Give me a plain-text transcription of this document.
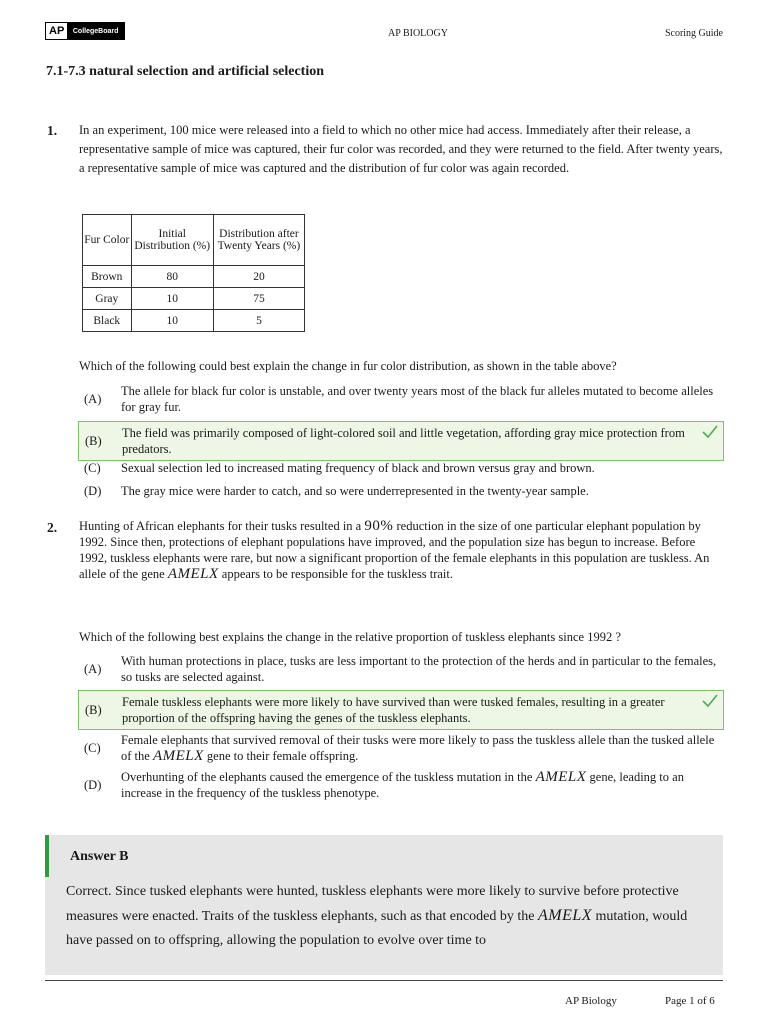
AP	CollegeBoard	AP BIOLOGY	Scoring Guide
7.1-7.3 natural selection and artificial selection
1. In an experiment, 100 mice were released into a field to which no other mice had access. Immediately after their release, a representative sample of mice was captured, their fur color was recorded, and they were returned to the field. After twenty years, a representative sample of mice was captured and the distribution of fur color was again recorded.
Fur Color	Initial Distribution (%)	Distribution after Twenty Years (%)
Brown	80	20
Gray	10	75
Black	10	5
Which of the following could best explain the change in fur color distribution, as shown in the table above?
(A)
The allele for black fur color is unstable, and over twenty years most of the black fur alleles mutated to become alleles for gray fur.
(B)
The field was primarily composed of light-colored soil and little vegetation, affording gray mice protection from predators.
(C)	Sexual selection led to increased mating frequency of black and brown versus gray and brown.
(D)	The gray mice were harder to catch, and so were underrepresented in the twenty-year sample.
2. Hunting of African elephants for their tusks resulted in a 90% reduction in the size of one particular elephant population by 1992. Since then, protections of elephant populations have improved, and the population size has begun to increase. Before 1992, tuskless elephants were rare, but now a significant proportion of the female elephants in this population are tuskless. An allele of the gene AMELX appears to be responsible for the tuskless trait.
Which of the following best explains the change in the relative proportion of tuskless elephants since 1992 ?
(A)
With human protections in place, tusks are less important to the protection of the herds and in particular to the females, so tusks are selected against.
(B)
Female tuskless elephants were more likely to have survived than were tusked females, resulting in a greater proportion of the offspring having the genes of the tuskless elephants.
(C)
Female elephants that survived removal of their tusks were more likely to pass the tuskless allele than the tusked allele of the AMELX gene to their female offspring.
(D)
Overhunting of the elephants caused the emergence of the tuskless mutation in the AMELX gene, leading to an increase in the frequency of the tuskless phenotype.
Answer B
Correct. Since tusked elephants were hunted, tuskless elephants were more likely to survive before protective measures were enacted. Traits of the tuskless elephants, such as that encoded by the AMELX mutation, would have passed on to offspring, allowing the population to evolve over time to
AP Biology	Page 1 of 6
